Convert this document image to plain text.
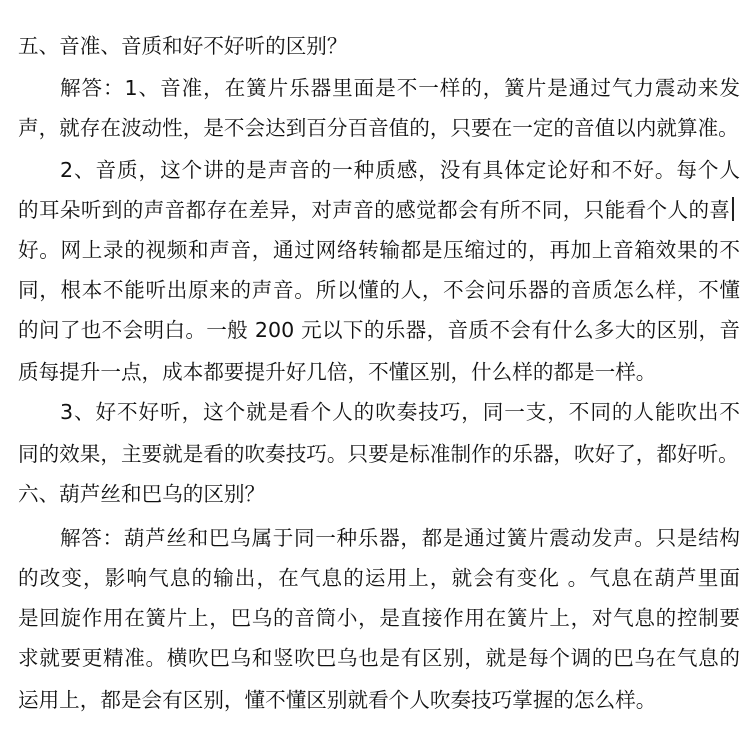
五、音准、音质和好不好听的区别？
解答：1、音准，在簧片乐器里面是不一样的，簧片是通过气力震动来发
声，就存在波动性，是不会达到百分百音值的，只要在一定的音值以内就算准。
2、音质，这个讲的是声音的一种质感，没有具体定论好和不好。每个人
的耳朵听到的声音都存在差异，对声音的感觉都会有所不同，只能看个人的喜
好。网上录的视频和声音，通过网络转输都是压缩过的，再加上音箱效果的不
同，根本不能听出原来的声音。所以懂的人，不会问乐器的音质怎么样，不懂
的问了也不会明白。一般 200 元以下的乐器，音质不会有什么多大的区别，音
质每提升一点，成本都要提升好几倍，不懂区别，什么样的都是一样。
3、好不好听，这个就是看个人的吹奏技巧，同一支，不同的人能吹出不
同的效果，主要就是看的吹奏技巧。只要是标准制作的乐器，吹好了，都好听。
六、葫芦丝和巴乌的区别？
解答：葫芦丝和巴乌属于同一种乐器，都是通过簧片震动发声。只是结构
的改变，影响气息的输出，在气息的运用上，就会有变化 。气息在葫芦里面
是回旋作用在簧片上，巴乌的音筒小，是直接作用在簧片上，对气息的控制要
求就要更精准。横吹巴乌和竖吹巴乌也是有区别，就是每个调的巴乌在气息的
运用上，都是会有区别，懂不懂区别就看个人吹奏技巧掌握的怎么样。
